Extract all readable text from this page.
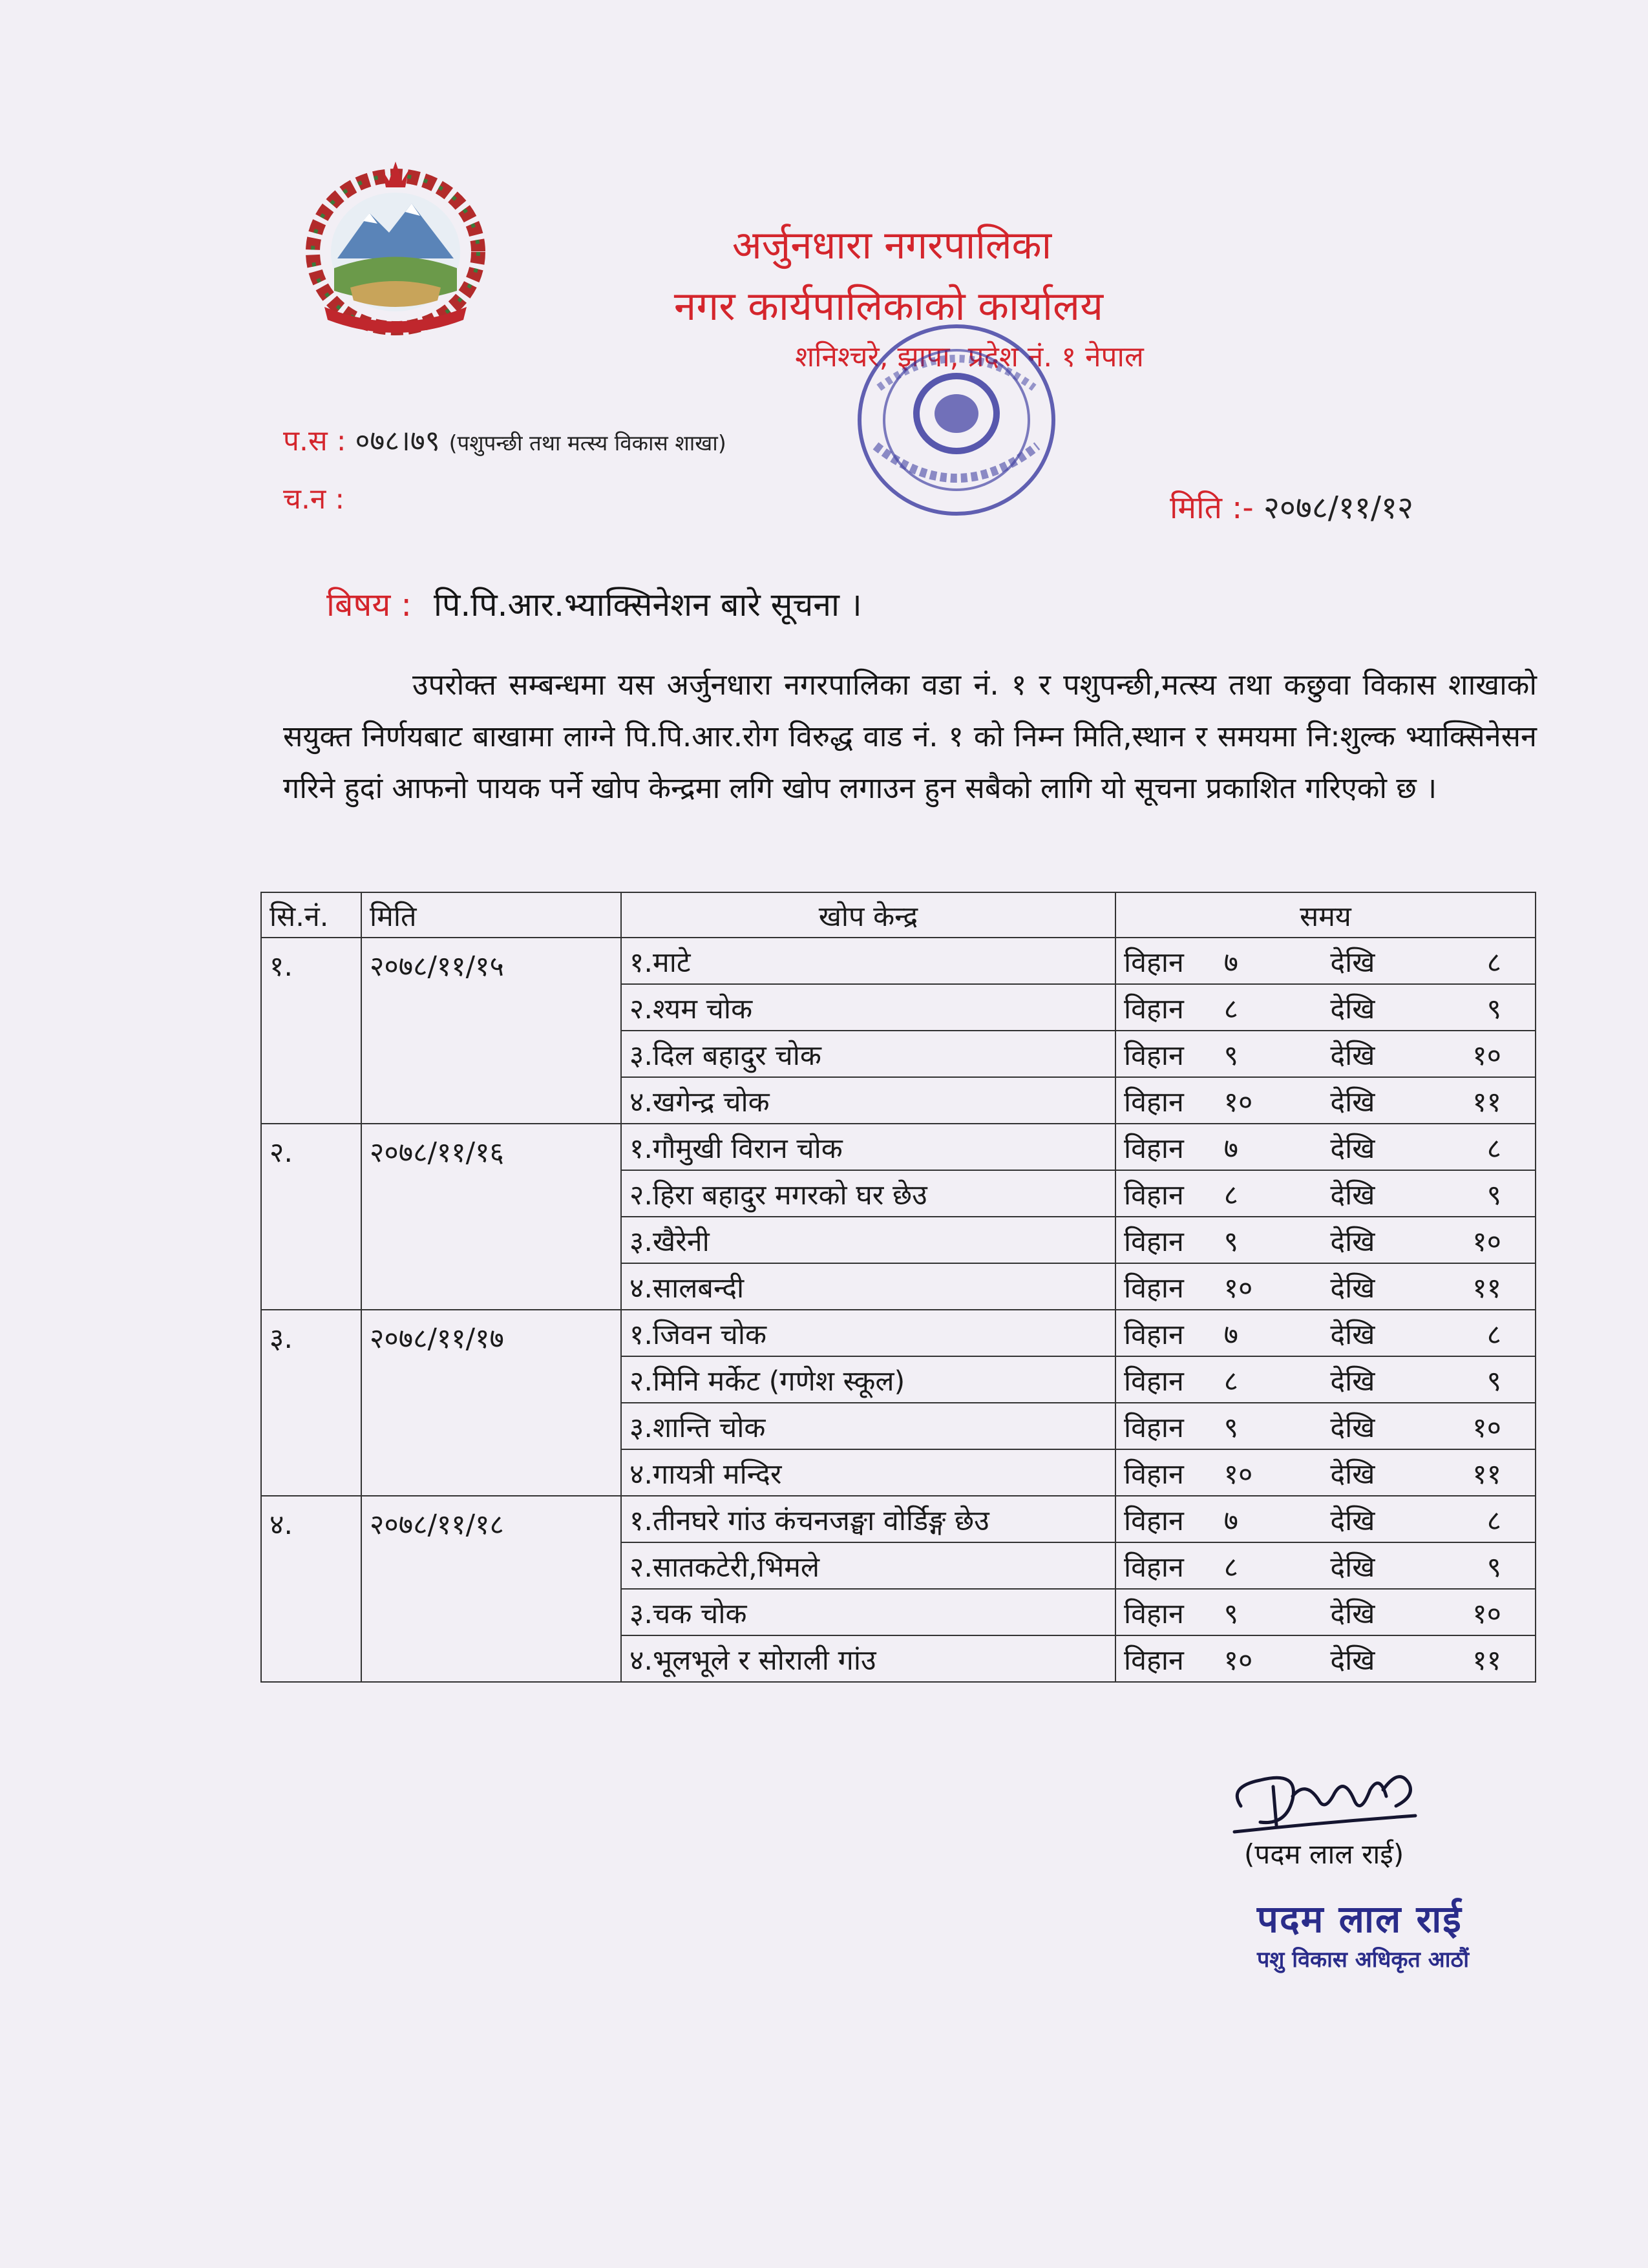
अर्जुनधारा नगरपालिका
नगर कार्यपालिकाको कार्यालय
शनिश्चरे, झापा, प्रदेश नं. १ नेपाल
प.स : ०७८।७९ (पशुपन्छी तथा मत्स्य विकास शाखा)
च.न :	मिति :- २०७८/११/१२
बिषय : पि.पि.आर.भ्याक्सिनेशन बारे सूचना ।
उपरोक्त सम्बन्धमा यस अर्जुनधारा नगरपालिका वडा नं. १ र पशुपन्छी,मत्स्य तथा कछुवा विकास शाखाको सयुक्त निर्णयबाट बाखामा लाग्ने पि.पि.आर.रोग विरुद्ध वाड नं. १ को निम्न मिति,स्थान र समयमा नि:शुल्क भ्याक्सिनेसन गरिने हुदां आफनो पायक पर्ने खोप केन्द्रमा लगि खोप लगाउन हुन सबैको लागि यो सूचना प्रकाशित गरिएको छ ।
सि.नं.	मिति	खोप केन्द्र	समय
१.	२०७८/११/१५	१.माटे	विहान ७ देखि ८

		२.श्यम चोक	विहान ८ देखि ९

		३.दिल बहादुर चोक	विहान ९ देखि १०

		४.खगेन्द्र चोक	विहान १० देखि ११

२.	२०७८/११/१६	१.गौमुखी विरान चोक	विहान ७ देखि ८

		२.हिरा बहादुर मगरको घर छेउ	विहान ८ देखि ९

		३.खैरेनी	विहान ९ देखि १०

		४.सालबन्दी	विहान १० देखि ११

३.	२०७८/११/१७	१.जिवन चोक	विहान ७ देखि ८

		२.मिनि मर्केट (गणेश स्कूल)	विहान ८ देखि ९

		३.शान्ति चोक	विहान ९ देखि १०

		४.गायत्री मन्दिर	विहान १० देखि ११

४.	२०७८/११/१८	१.तीनघरे गांउ कंचनजङ्घा वोर्डिङ्ग छेउ	विहान ७ देखि ८

		२.सातकटेरी,भिमले	विहान ८ देखि ९

		३.चक चोक	विहान ९ देखि १०

		४.भूलभूले र सोराली गांउ	विहान १० देखि ११
(पदम लाल राई)
पदम लाल राई
पशु विकास अधिकृत आठौं
